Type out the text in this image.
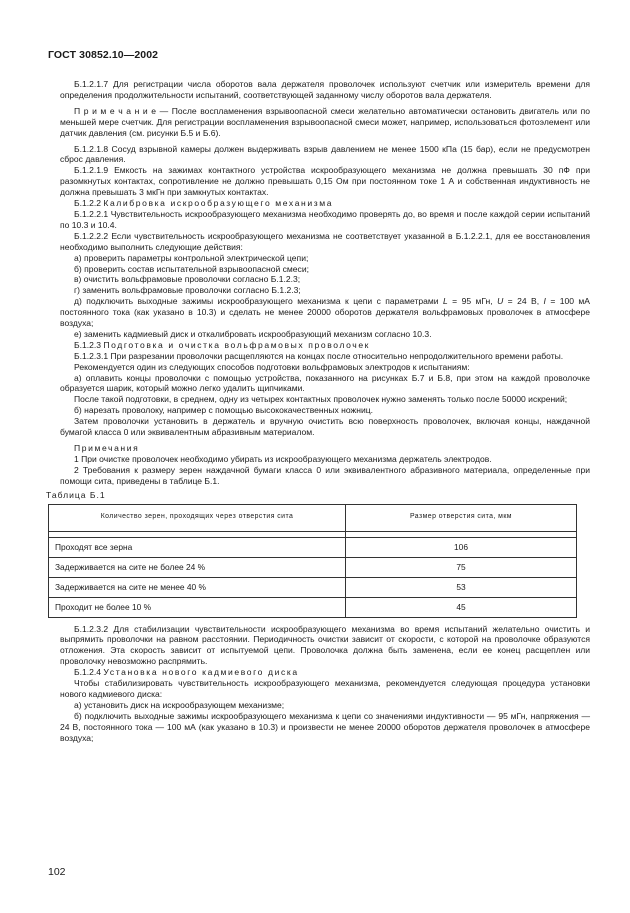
ГОСТ 30852.10—2002

Б.1.2.1.7 Для регистрации числа оборотов вала держателя проволочек используют счетчик или измеритель времени для определения продолжительности испытаний, соответствующей заданному числу оборотов вала держателя.

П р и м е ч а н и е — После воспламенения взрывоопасной смеси желательно автоматически остановить двигатель или по меньшей мере счетчик. Для регистрации воспламенения взрывоопасной смеси может, например, использоваться фотоэлемент или датчик давления (см. рисунки Б.5 и Б.6).

Б.1.2.1.8 Сосуд взрывной камеры должен выдерживать взрыв давлением не менее 1500 кПа (15 бар), если не предусмотрен сброс давления.

Б.1.2.1.9 Емкость на зажимах контактного устройства искрообразующего механизма не должна превышать 30 пФ при разомкнутых контактах, сопротивление не должно превышать 0,15 Ом при постоянном токе 1 А и собственная индуктивность не должна превышать 3 мкГн при замкнутых контактах.

Б.1.2.2 Калибровка искрообразующего механизма

Б.1.2.2.1 Чувствительность искрообразующего механизма необходимо проверять до, во время и после каждой серии испытаний по 10.3 и 10.4.

Б.1.2.2.2 Если чувствительность искрообразующего механизма не соответствует указанной в Б.1.2.2.1, для ее восстановления необходимо выполнить следующие действия:

а) проверить параметры контрольной электрической цепи;

б) проверить состав испытательной взрывоопасной смеси;

в) очистить вольфрамовые проволочки согласно Б.1.2.3;

г) заменить вольфрамовые проволочки согласно Б.1.2.3;

д) подключить выходные зажимы искрообразующего механизма к цепи с параметрами L = 95 мГн, U = 24 В, I = 100 мА постоянного тока (как указано в 10.3) и сделать не менее 20000 оборотов держателя вольфрамовых проволочек в атмосфере воздуха;

е) заменить кадмиевый диск и откалибровать искрообразующий механизм согласно 10.3.

Б.1.2.3 Подготовка и очистка вольфрамовых проволочек

Б.1.2.3.1 При разрезании проволочки расщепляются на концах после относительно непродолжительного времени работы.

Рекомендуется один из следующих способов подготовки вольфрамовых электродов к испытаниям:

а) оплавить концы проволочки с помощью устройства, показанного на рисунках Б.7 и Б.8, при этом на каждой проволочке образуется шарик, который можно легко удалить щипчиками.

После такой подготовки, в среднем, одну из четырех контактных проволочек нужно заменять только после 50000 искрений;

б) нарезать проволоку, например с помощью высококачественных ножниц.

Затем проволочки установить в держатель и вручную очистить всю поверхность проволочек, включая концы, наждачной бумагой класса 0 или эквивалентным абразивным материалом.

Примечания

1 При очистке проволочек необходимо убирать из искрообразующего механизма держатель электродов.

2 Требования к размеру зерен наждачной бумаги класса 0 или эквивалентного абразивного материала, определенные при помощи сита, приведены в таблице Б.1.

Таблица Б.1

Количество зерен, проходящих через отверстия сита	Размер отверстия сита, мкм

Проходят все зерна	106
Задерживается на сите не более 24 %	75
Задерживается на сите не менее 40 %	53
Проходит не более 10 %	45

Б.1.2.3.2 Для стабилизации чувствительности искрообразующего механизма во время испытаний желательно очистить и выпрямить проволочки на равном расстоянии. Периодичность очистки зависит от скорости, с которой на проволочке образуются отложения. Эта скорость зависит от испытуемой цепи. Проволочка должна быть заменена, если ее конец расщеплен или проволочку невозможно распрямить.

Б.1.2.4 Установка нового кадмиевого диска

Чтобы стабилизировать чувствительность искрообразующего механизма, рекомендуется следующая процедура установки нового кадмиевого диска:

а) установить диск на искрообразующем механизме;

б) подключить выходные зажимы искрообразующего механизма к цепи со значениями индуктивности — 95 мГн, напряжения — 24 В, постоянного тока — 100 мА (как указано в 10.3) и произвести не менее 20000 оборотов держателя проволочек в атмосфере воздуха;

102
